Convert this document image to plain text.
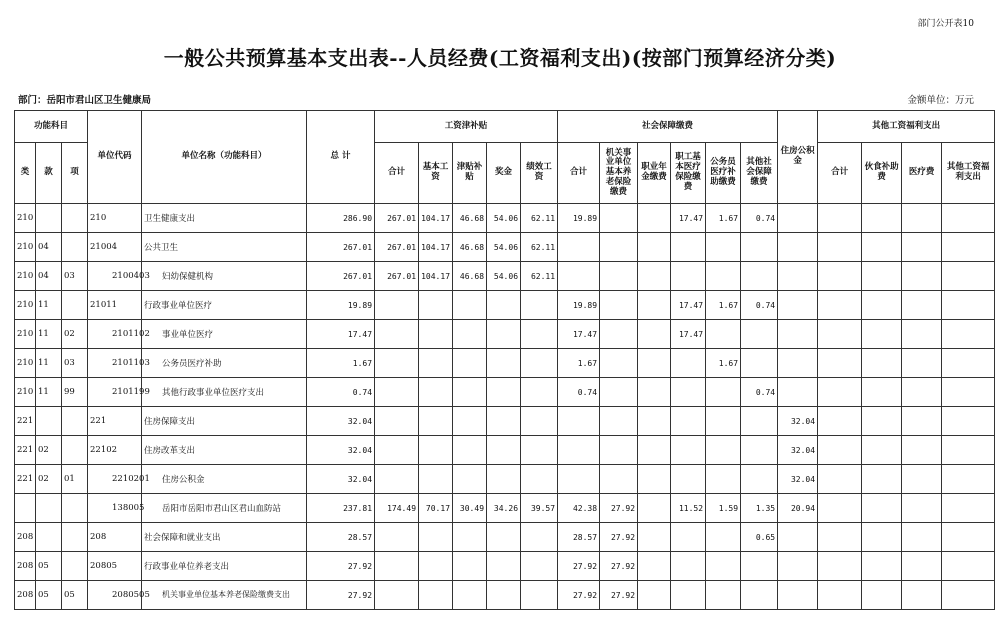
部门公开表10
一般公共预算基本支出表--人员经费(工资福利支出)(按部门预算经济分类)
部门：岳阳市君山区卫生健康局	金额单位：万元
功能科目			单位代码	单位名称（功能科目）	总 计	工资津补贴					社会保障缴费						住房公积金	其他工资福利支出			
类	款	项				合计	基本工资	津贴补贴	奖金	绩效工资	合计	机关事业单位基本养老保险缴费	职业年金缴费	职工基本医疗保险缴费	公务员医疗补助缴费	其他社会保障缴费		合计	伙食补助费	医疗费	其他工资福利支出
210			210	卫生健康支出	286.90	267.01	104.17	46.68	54.06	62.11	19.89			17.47	1.67	0.74					
210	04		21004	公共卫生	267.01	267.01	104.17	46.68	54.06	62.11											
210	04	03	2100403	妇幼保健机构	267.01	267.01	104.17	46.68	54.06	62.11											
210	11		21011	行政事业单位医疗	19.89						19.89			17.47	1.67	0.74					
210	11	02	2101102	事业单位医疗	17.47						17.47			17.47							
210	11	03	2101103	公务员医疗补助	1.67						1.67				1.67						
210	11	99	2101199	其他行政事业单位医疗支出	0.74						0.74					0.74					
221			221	住房保障支出	32.04												32.04				
221	02		22102	住房改革支出	32.04												32.04				
221	02	01	2210201	住房公积金	32.04												32.04				
			138005	岳阳市岳阳市君山区君山血防站	237.81	174.49	70.17	30.49	34.26	39.57	42.38	27.92		11.52	1.59	1.35	20.94				
208			208	社会保障和就业支出	28.57						28.57	27.92				0.65					
208	05		20805	行政事业单位养老支出	27.92						27.92	27.92									
208	05	05	2080505	机关事业单位基本养老保险缴费支出	27.92						27.92	27.92									
